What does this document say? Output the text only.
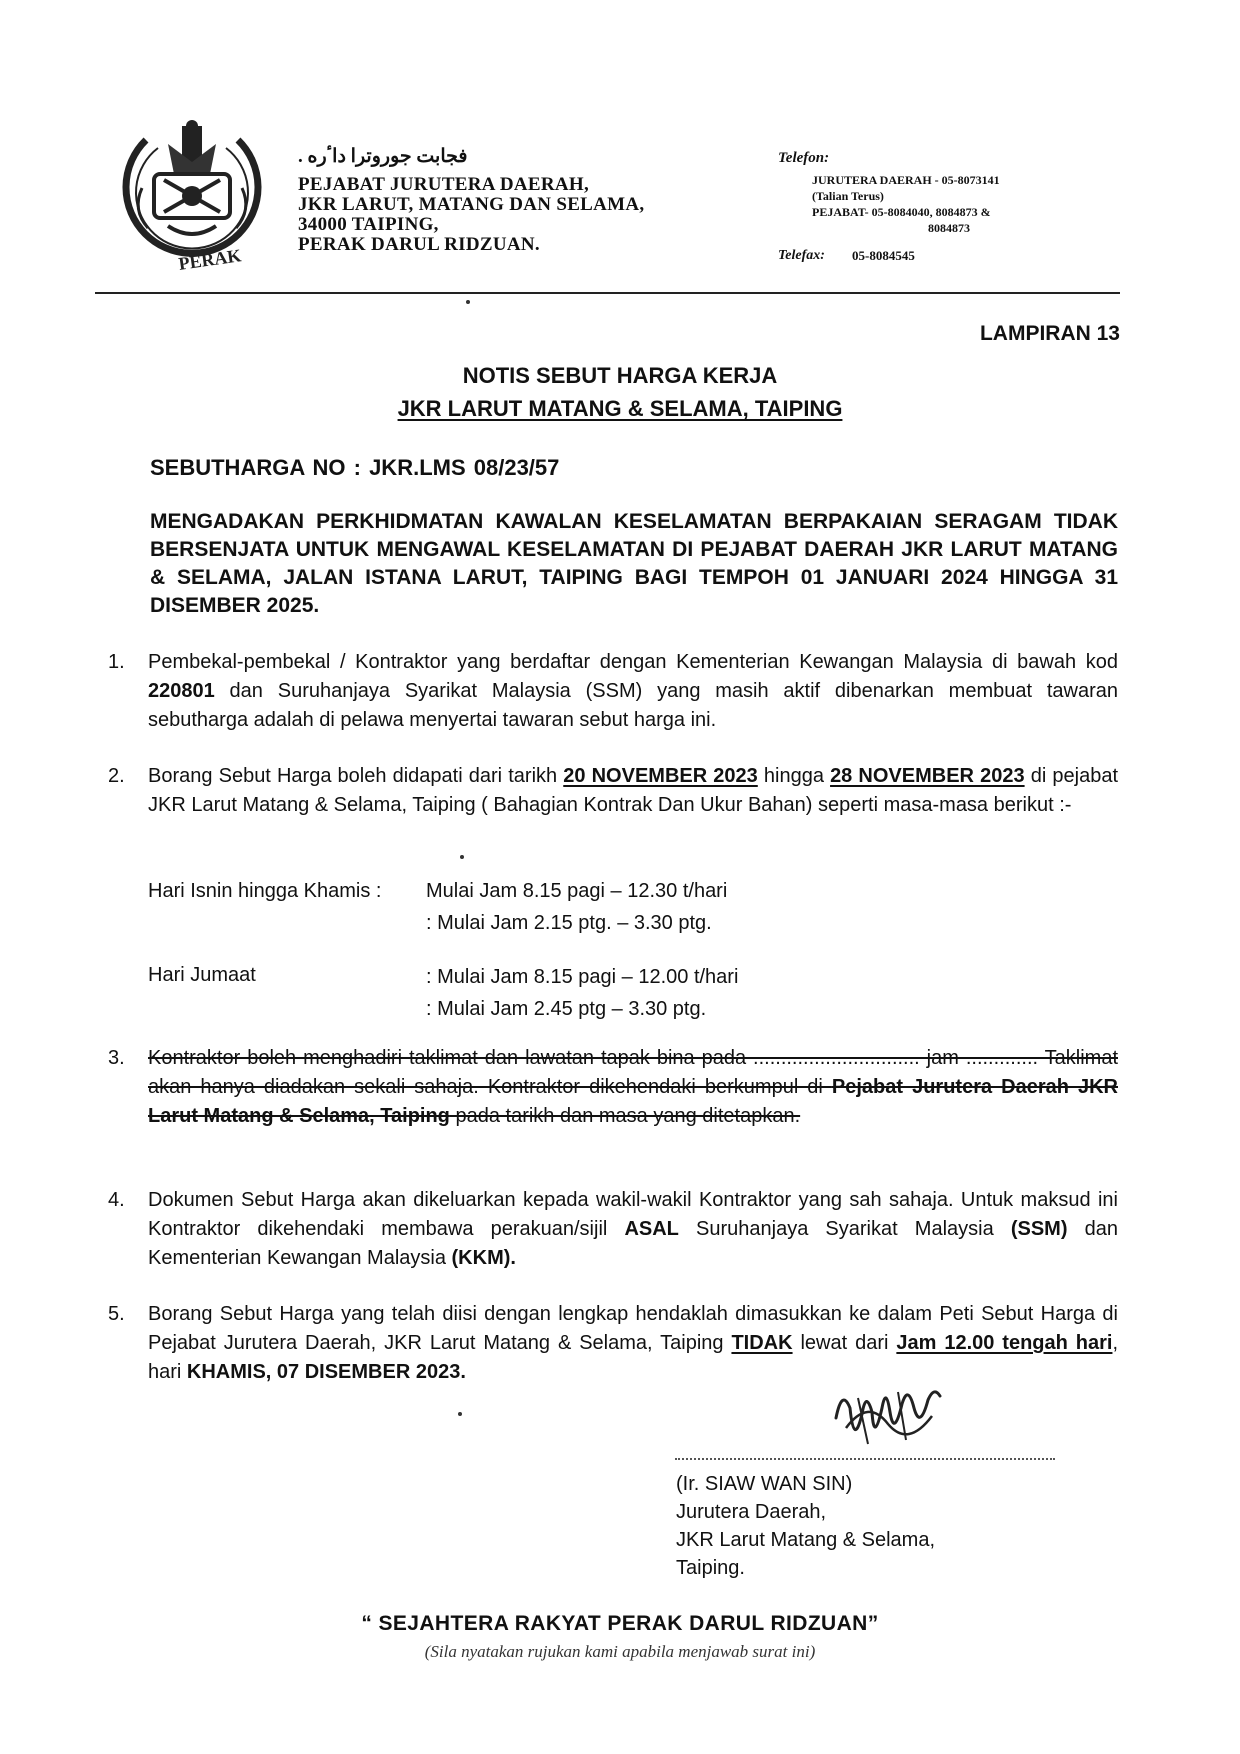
PERAK
فجابت جوروترا داٴره .
PEJABAT JURUTERA DAERAH,
JKR LARUT, MATANG DAN SELAMA,
34000 TAIPING,
PERAK DARUL RIDZUAN.
Telefon:
JURUTERA DAERAH - 05-8073141
(Talian Terus)
PEJABAT- 05-8084040, 8084873 &
8084873
Telefax: 05-8084545
LAMPIRAN 13
NOTIS SEBUT HARGA KERJA
JKR LARUT MATANG & SELAMA, TAIPING
SEBUTHARGA NO : JKR.LMS 08/23/57
MENGADAKAN PERKHIDMATAN KAWALAN KESELAMATAN BERPAKAIAN SERAGAM TIDAK BERSENJATA UNTUK MENGAWAL KESELAMATAN DI PEJABAT DAERAH JKR LARUT MATANG & SELAMA, JALAN ISTANA LARUT, TAIPING BAGI TEMPOH 01 JANUARI 2024 HINGGA 31 DISEMBER 2025.
1.	Pembekal-pembekal / Kontraktor yang berdaftar dengan Kementerian Kewangan Malaysia di bawah kod 220801 dan Suruhanjaya Syarikat Malaysia (SSM) yang masih aktif dibenarkan membuat tawaran sebutharga adalah di pelawa menyertai tawaran sebut harga ini.
2.	Borang Sebut Harga boleh didapati dari tarikh 20 NOVEMBER 2023 hingga 28 NOVEMBER 2023 di pejabat JKR Larut Matang & Selama, Taiping ( Bahagian Kontrak Dan Ukur Bahan) seperti masa-masa berikut :-
Hari Isnin hingga Khamis : Mulai Jam 8.15 pagi – 12.30 t/hari
: Mulai Jam 2.15 ptg. – 3.30 ptg.
Hari Jumaat	: Mulai Jam 8.15 pagi – 12.00 t/hari
: Mulai Jam 2.45 ptg – 3.30 ptg.
3.	Kontraktor boleh menghadiri taklimat dan lawatan tapak bina pada .............................. jam ............. Taklimat akan hanya diadakan sekali sahaja. Kontraktor dikehendaki berkumpul di Pejabat Jurutera Daerah JKR Larut Matang & Selama, Taiping pada tarikh dan masa yang ditetapkan.
4.	Dokumen Sebut Harga akan dikeluarkan kepada wakil-wakil Kontraktor yang sah sahaja. Untuk maksud ini Kontraktor dikehendaki membawa perakuan/sijil ASAL Suruhanjaya Syarikat Malaysia (SSM) dan Kementerian Kewangan Malaysia (KKM).
5.	Borang Sebut Harga yang telah diisi dengan lengkap hendaklah dimasukkan ke dalam Peti Sebut Harga di Pejabat Jurutera Daerah, JKR Larut Matang & Selama, Taiping TIDAK lewat dari Jam 12.00 tengah hari, hari KHAMIS, 07 DISEMBER 2023.
(Ir. SIAW WAN SIN)
Jurutera Daerah,
JKR Larut Matang & Selama,
Taiping.
“ SEJAHTERA RAKYAT PERAK DARUL RIDZUAN”
(Sila nyatakan rujukan kami apabila menjawab surat ini)
